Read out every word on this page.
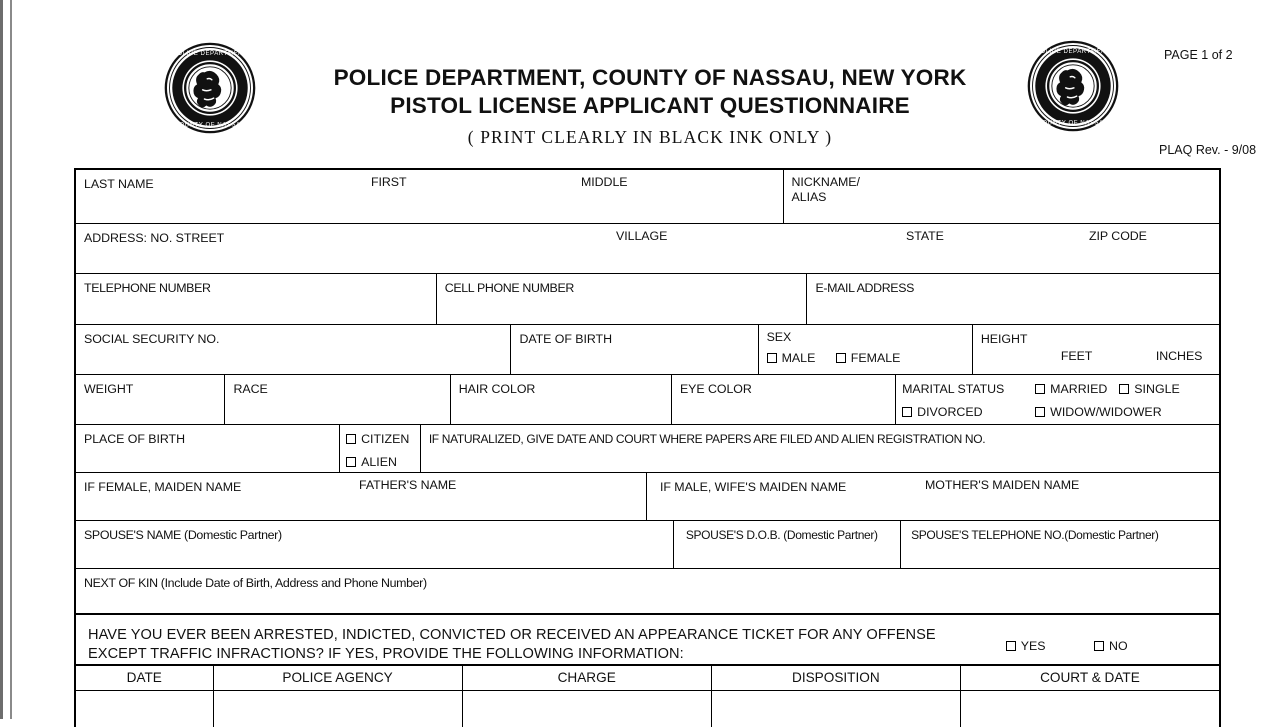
POLICE DEPARTMENT
COUNTY OF NASSAU
POLICE DEPARTMENT, COUNTY OF NASSAU, NEW YORK
PISTOL LICENSE APPLICANT QUESTIONNAIRE
( PRINT CLEARLY IN BLACK INK ONLY )
POLICE DEPARTMENT
COUNTY OF NASSAU
PAGE 1 of 2
PLAQ Rev. - 9/08
LAST NAME	FIRST	MIDDLE	NICKNAME/
ALIAS
ADDRESS: NO. STREET	VILLAGE	STATE	ZIP CODE
TELEPHONE NUMBER	CELL PHONE NUMBER	E-MAIL ADDRESS
SOCIAL SECURITY NO.	DATE OF BIRTH	SEX
MALE	FEMALE
HEIGHT
FEET	INCHES
WEIGHT	RACE	HAIR COLOR	EYE COLOR	MARITAL STATUS	MARRIED SINGLE
DIVORCED	WIDOW/WIDOWER
PLACE OF BIRTH	CITIZEN ALIEN
IF NATURALIZED, GIVE DATE AND COURT WHERE PAPERS ARE FILED AND ALIEN REGISTRATION NO.
IF FEMALE, MAIDEN NAME	FATHER'S NAME	IF MALE, WIFE'S MAIDEN NAME	MOTHER'S MAIDEN NAME
SPOUSE'S NAME (Domestic Partner)	SPOUSE'S D.O.B. (Domestic Partner)	SPOUSE'S TELEPHONE NO.(Domestic Partner)
NEXT OF KIN (Include Date of Birth, Address and Phone Number)
HAVE YOU EVER BEEN ARRESTED, INDICTED, CONVICTED OR RECEIVED AN APPEARANCE TICKET FOR ANY OFFENSE
EXCEPT TRAFFIC INFRACTIONS? IF YES, PROVIDE THE FOLLOWING INFORMATION:	YES	NO
DATE	POLICE AGENCY	CHARGE	DISPOSITION	COURT & DATE
